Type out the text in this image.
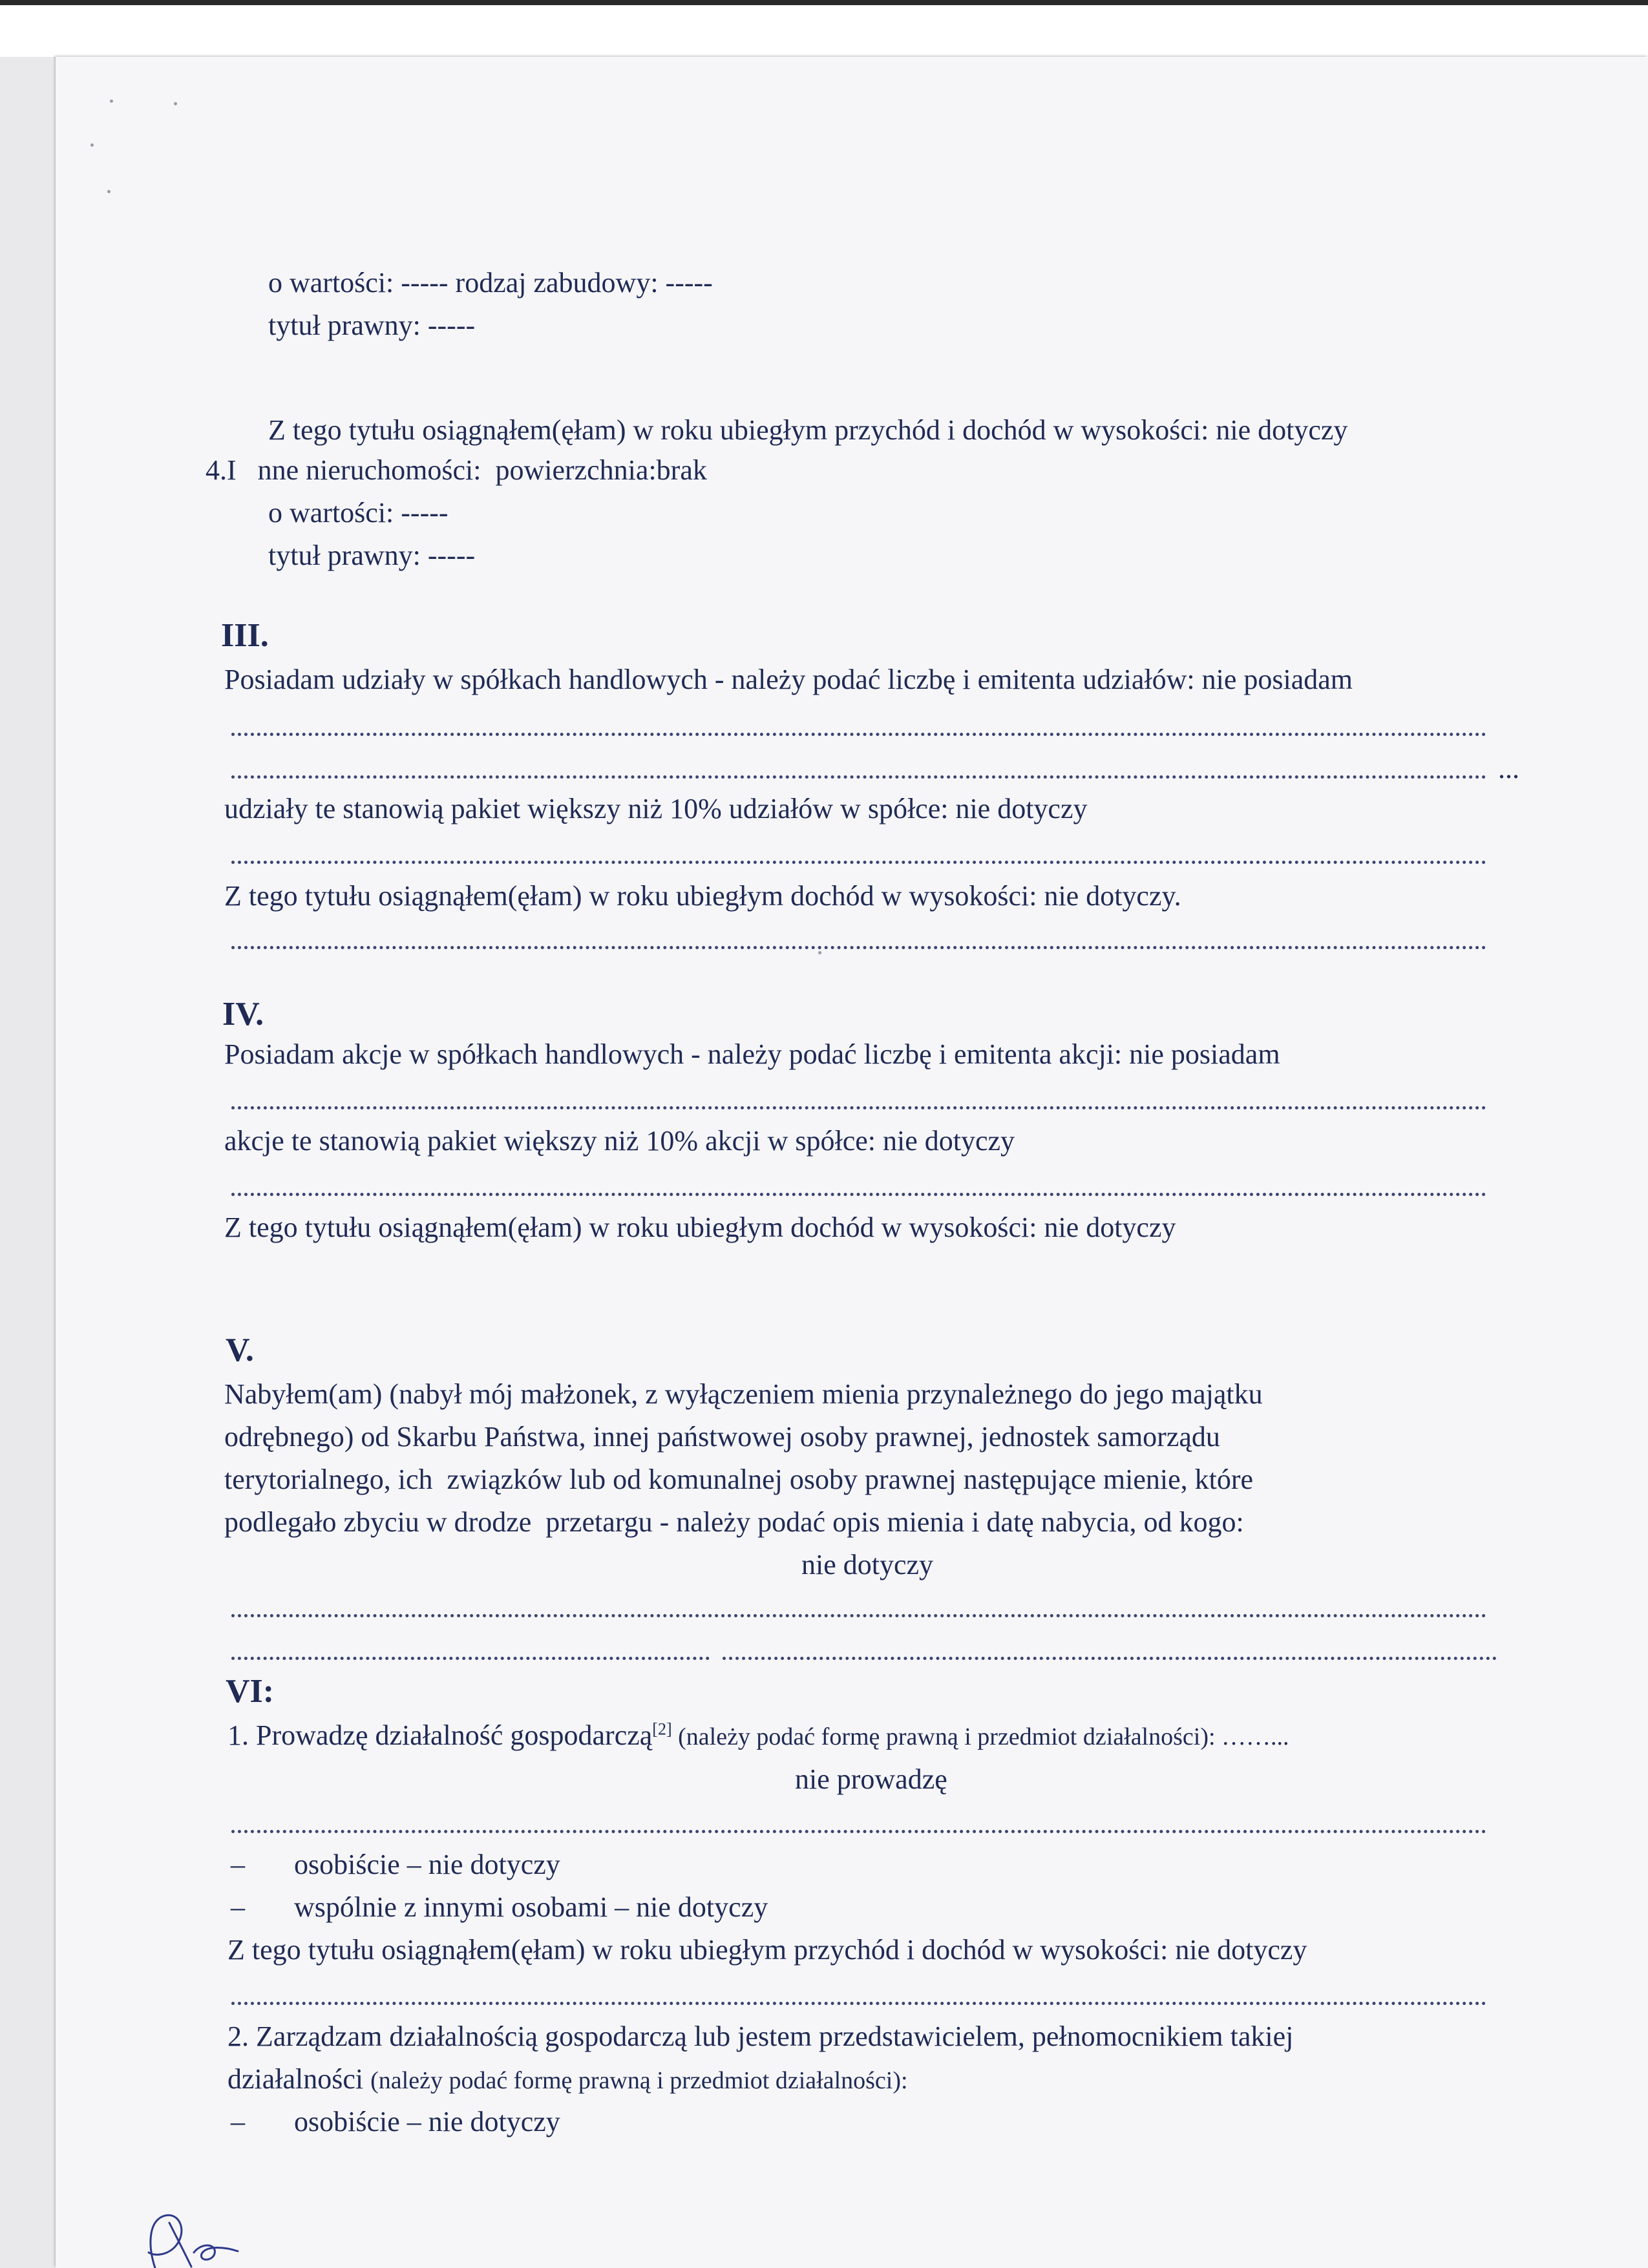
o wartości: ----- rodzaj zabudowy: -----
tytuł prawny: -----
Z tego tytułu osiągnąłem(ęłam) w roku ubiegłym przychód i dochód w wysokości: nie dotyczy
4.I   nne nieruchomości:  powierzchnia:brak
o wartości: -----
tytuł prawny: -----
III.
Posiadam udziały w spółkach handlowych - należy podać liczbę i emitenta udziałów: nie posiadam
...
udziały te stanowią pakiet większy niż 10% udziałów w spółce: nie dotyczy
Z tego tytułu osiągnąłem(ęłam) w roku ubiegłym dochód w wysokości: nie dotyczy.
IV.
Posiadam akcje w spółkach handlowych - należy podać liczbę i emitenta akcji: nie posiadam
akcje te stanowią pakiet większy niż 10% akcji w spółce: nie dotyczy
Z tego tytułu osiągnąłem(ęłam) w roku ubiegłym dochód w wysokości: nie dotyczy
V.
Nabyłem(am) (nabył mój małżonek, z wyłączeniem mienia przynależnego do jego majątku
odrębnego) od Skarbu Państwa, innej państwowej osoby prawnej, jednostek samorządu
terytorialnego, ich  związków lub od komunalnej osoby prawnej następujące mienie, które
podlegało zbyciu w drodze  przetargu - należy podać opis mienia i datę nabycia, od kogo:
nie dotyczy
VI:
1. Prowadzę działalność gospodarczą[2] (należy podać formę prawną i przedmiot działalności): ……...
nie prowadzę
– osobiście – nie dotyczy
– wspólnie z innymi osobami – nie dotyczy
Z tego tytułu osiągnąłem(ęłam) w roku ubiegłym przychód i dochód w wysokości: nie dotyczy
2. Zarządzam działalnością gospodarczą lub jestem przedstawicielem, pełnomocnikiem takiej
działalności (należy podać formę prawną i przedmiot działalności):
– osobiście – nie dotyczy
